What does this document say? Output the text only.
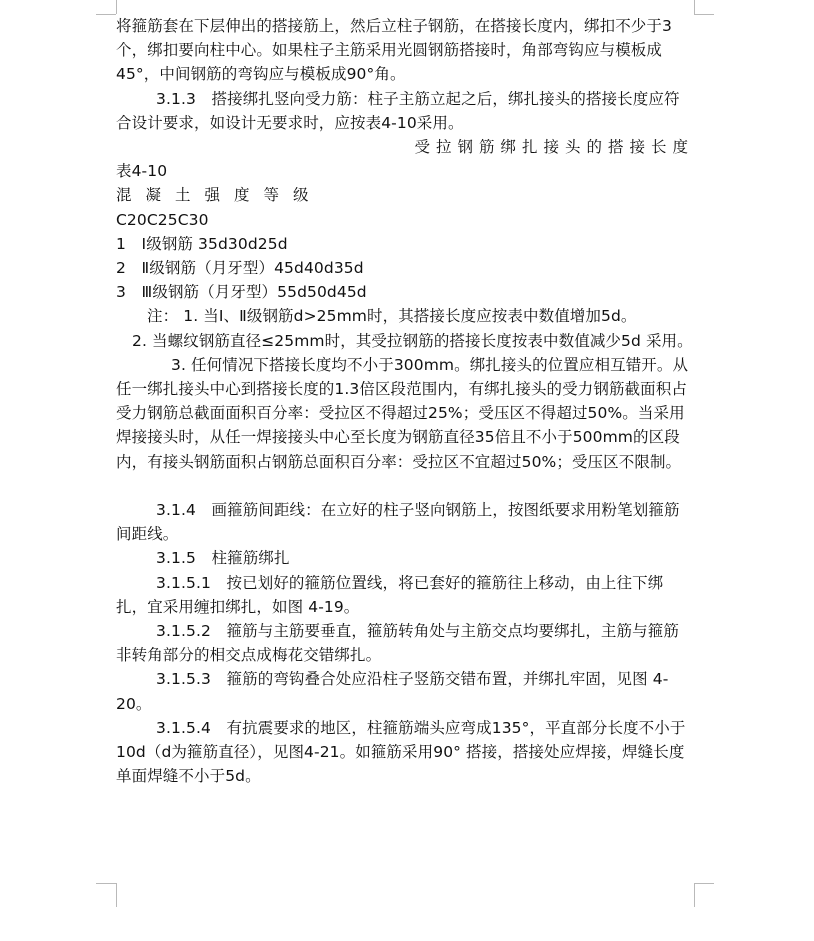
将箍筋套在下层伸出的搭接筋上，然后立柱子钢筋，在搭接长度内，绑扣不少于3个，绑扣要向柱中心。如果柱子主筋采用光圆钢筋搭接时，角部弯钩应与模板成45°，中间钢筋的弯钩应与模板成90°角。

3.1.3　搭接绑扎竖向受力筋：柱子主筋立起之后，绑扎接头的搭接长度应符合设计要求，如设计无要求时，应按表4-10采用。

受拉钢筋绑扎接头的搭接长度

表4-10

混凝土强度等级

C20C25C30

1　Ⅰ级钢筋 35d30d25d

2　Ⅱ级钢筋（月牙型）45d40d35d

3　Ⅲ级钢筋（月牙型）55d50d45d

注： 1. 当Ⅰ、Ⅱ级钢筋d>25mm时，其搭接长度应按表中数值增加5d。

2. 当螺纹钢筋直径≤25mm时，其受拉钢筋的搭接长度按表中数值减少5d 采用。

3. 任何情况下搭接长度均不小于300mm。绑扎接头的位置应相互错开。从任一绑扎接头中心到搭接长度的1.3倍区段范围内，有绑扎接头的受力钢筋截面积占受力钢筋总截面面积百分率：受拉区不得超过25%；受压区不得超过50%。当采用焊接接头时，从任一焊接接头中心至长度为钢筋直径35倍且不小于500mm的区段内，有接头钢筋面积占钢筋总面积百分率：受拉区不宜超过50%；受压区不限制。

3.1.4　画箍筋间距线：在立好的柱子竖向钢筋上，按图纸要求用粉笔划箍筋间距线。

3.1.5　柱箍筋绑扎

3.1.5.1　按已划好的箍筋位置线，将已套好的箍筋往上移动，由上往下绑扎，宜采用缠扣绑扎，如图 4-19。

3.1.5.2　箍筋与主筋要垂直，箍筋转角处与主筋交点均要绑扎，主筋与箍筋非转角部分的相交点成梅花交错绑扎。

3.1.5.3　箍筋的弯钩叠合处应沿柱子竖筋交错布置，并绑扎牢固，见图 4-20。

3.1.5.4　有抗震要求的地区，柱箍筋端头应弯成135°，平直部分长度不小于10d（d为箍筋直径），见图4-21。如箍筋采用90° 搭接，搭接处应焊接，焊缝长度单面焊缝不小于5d。
